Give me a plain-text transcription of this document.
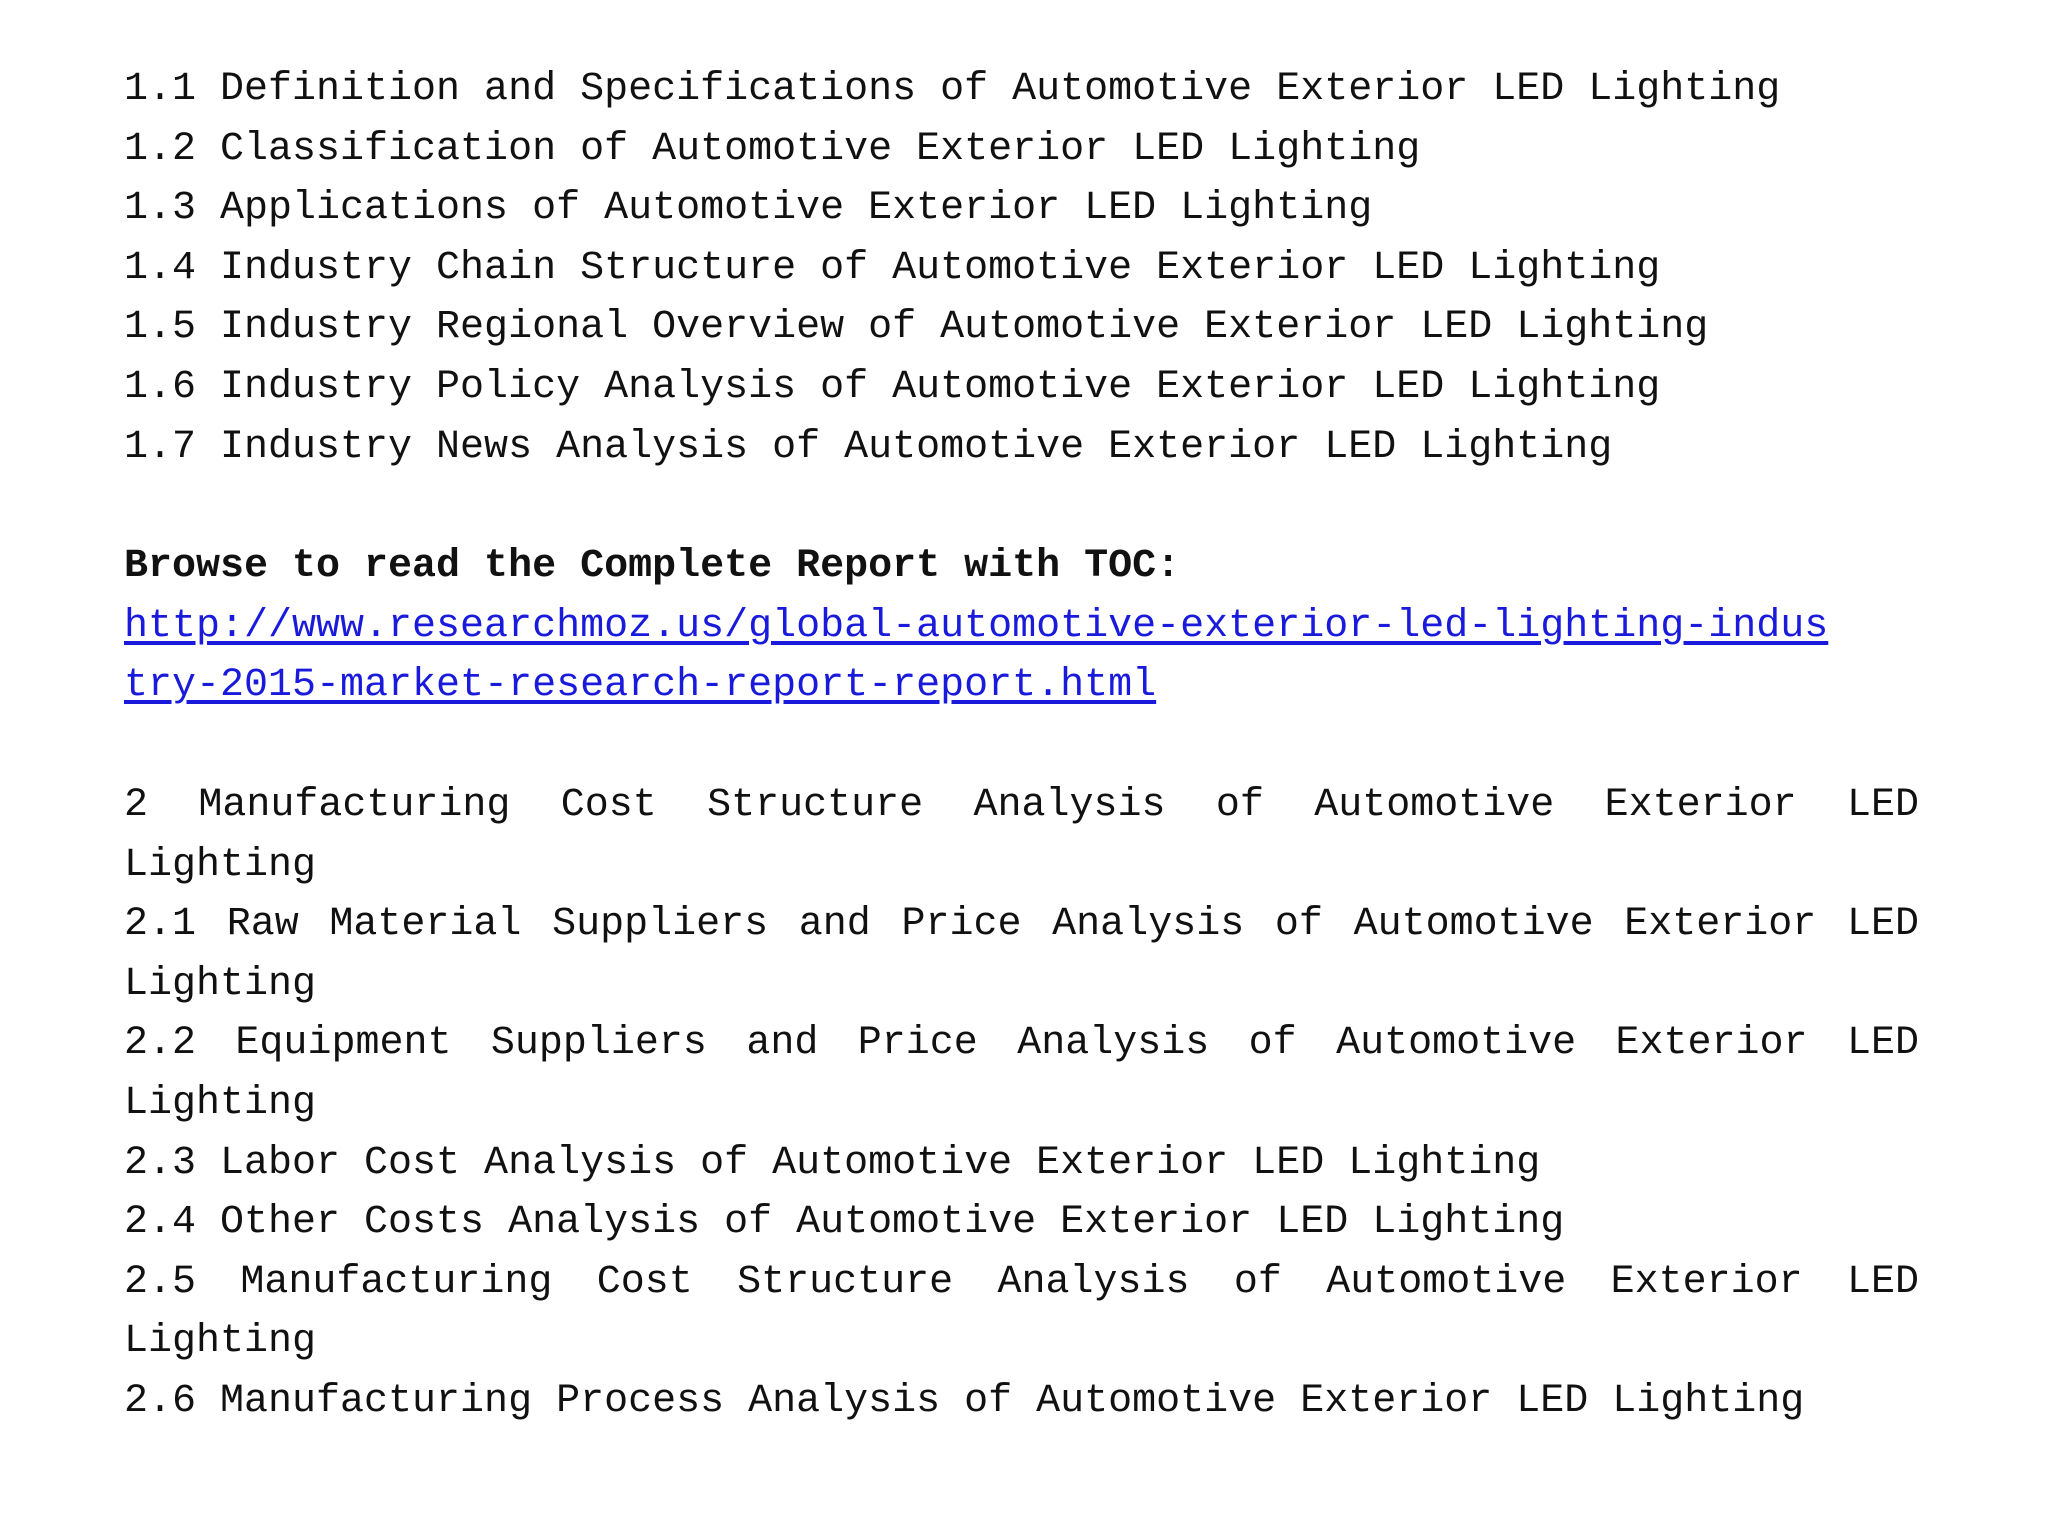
1.1 Definition and Specifications of Automotive Exterior LED Lighting
1.2 Classification of Automotive Exterior LED Lighting
1.3 Applications of Automotive Exterior LED Lighting
1.4 Industry Chain Structure of Automotive Exterior LED Lighting
1.5 Industry Regional Overview of Automotive Exterior LED Lighting
1.6 Industry Policy Analysis of Automotive Exterior LED Lighting
1.7 Industry News Analysis of Automotive Exterior LED Lighting
Browse to read the Complete Report with TOC:
http://www.researchmoz.us/global-automotive-exterior-led-lighting-industry-2015-market-research-report-report.html
2 Manufacturing Cost Structure Analysis of Automotive Exterior LED Lighting
2.1 Raw Material Suppliers and Price Analysis of Automotive Exterior LED Lighting
2.2 Equipment Suppliers and Price Analysis of Automotive Exterior LED Lighting
2.3 Labor Cost Analysis of Automotive Exterior LED Lighting
2.4 Other Costs Analysis of Automotive Exterior LED Lighting
2.5 Manufacturing Cost Structure Analysis of Automotive Exterior LED Lighting
2.6 Manufacturing Process Analysis of Automotive Exterior LED Lighting
